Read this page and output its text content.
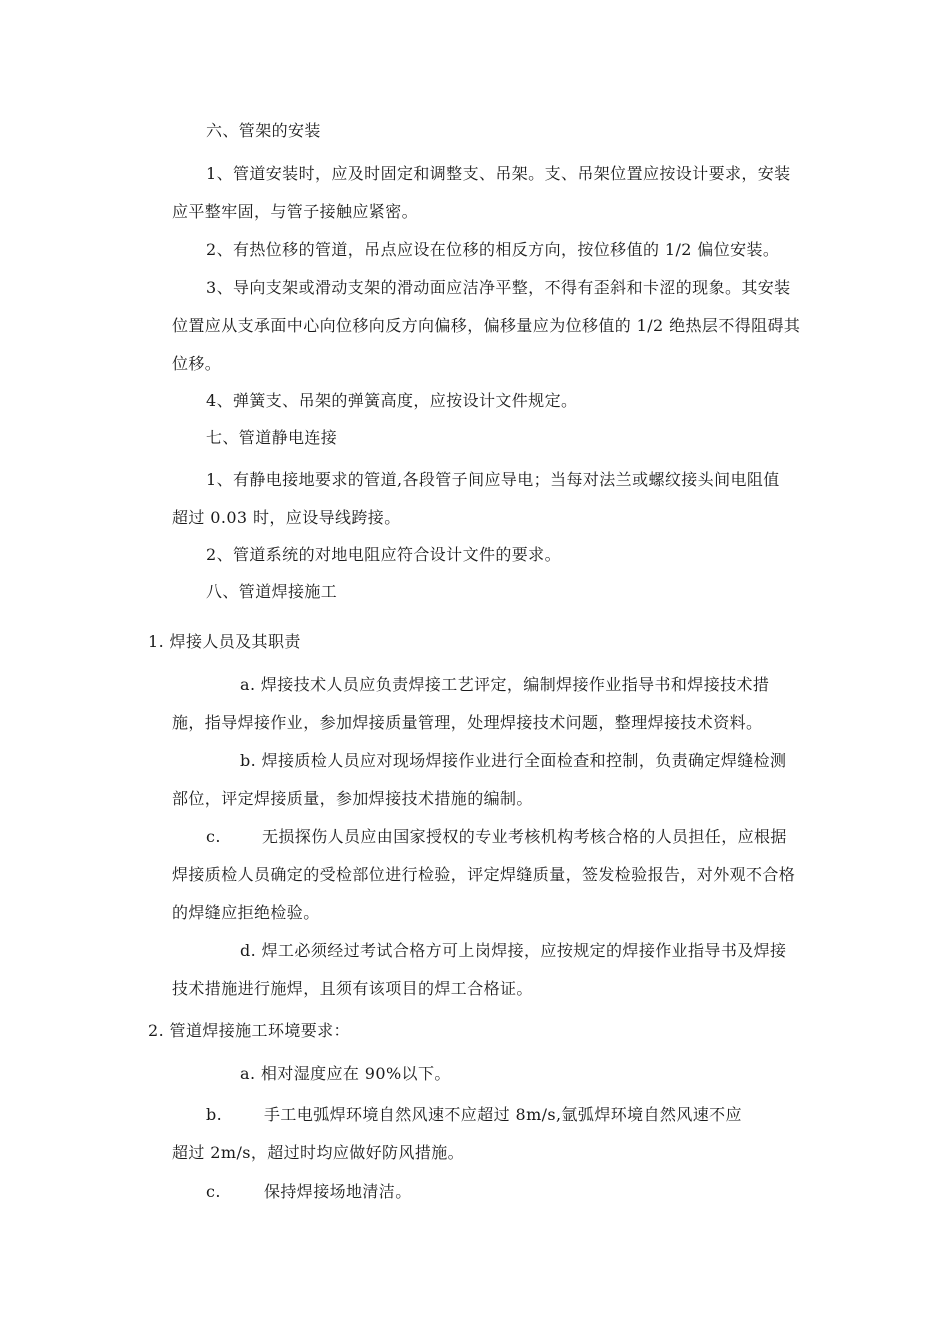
六、管架的安装
1、管道安装时，应及时固定和调整支、吊架。支、吊架位置应按设计要求，安装
应平整牢固，与管子接触应紧密。
2、有热位移的管道，吊点应设在位移的相反方向，按位移值的 1/2 偏位安装。
3、导向支架或滑动支架的滑动面应洁净平整，不得有歪斜和卡涩的现象。其安装
位置应从支承面中心向位移向反方向偏移，偏移量应为位移值的 1/2 绝热层不得阻碍其
位移。
4、弹簧支、吊架的弹簧高度，应按设计文件规定。
七、管道静电连接
1、有静电接地要求的管道,各段管子间应导电；当每对法兰或螺纹接头间电阻值
超过 0.03 时，应设导线跨接。
2、管道系统的对地电阻应符合设计文件的要求。
八、管道焊接施工
1. 焊接人员及其职责
a. 焊接技术人员应负责焊接工艺评定，编制焊接作业指导书和焊接技术措
施，指导焊接作业，参加焊接质量管理，处理焊接技术问题，整理焊接技术资料。
b. 焊接质检人员应对现场焊接作业进行全面检查和控制，负责确定焊缝检测
部位，评定焊接质量，参加焊接技术措施的编制。
c.	无损探伤人员应由国家授权的专业考核机构考核合格的人员担任，应根据
焊接质检人员确定的受检部位进行检验，评定焊缝质量，签发检验报告，对外观不合格
的焊缝应拒绝检验。
d. 焊工必须经过考试合格方可上岗焊接，应按规定的焊接作业指导书及焊接
技术措施进行施焊，且须有该项目的焊工合格证。
2. 管道焊接施工环境要求：
a. 相对湿度应在 90%以下。
b.	手工电弧焊环境自然风速不应超过 8m/s,氩弧焊环境自然风速不应
超过 2m/s，超过时均应做好防风措施。
c.	保持焊接场地清洁。
